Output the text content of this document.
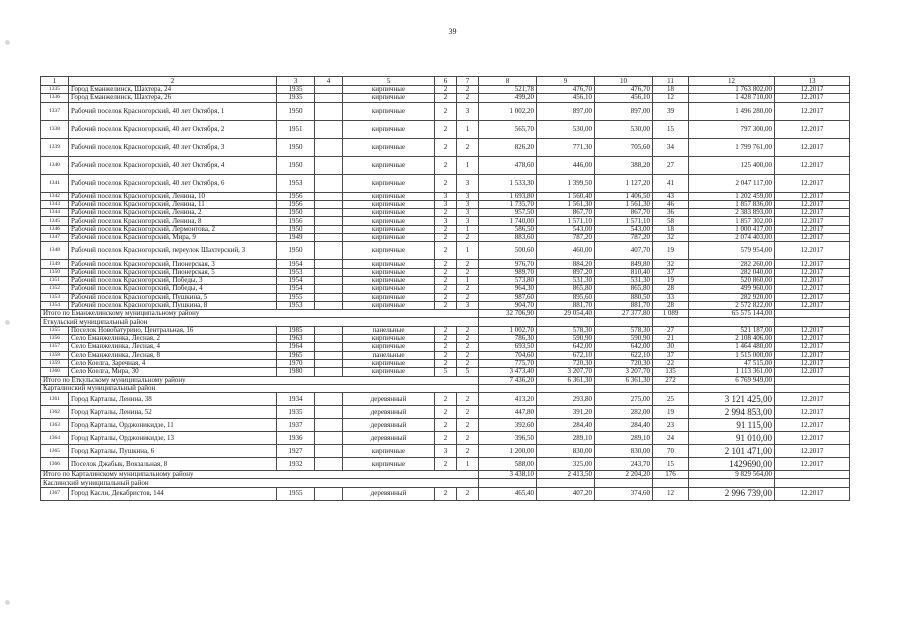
39
1	2	3	4	5	6	7	8	9	10	11	12	13
1335	Город Еманжелинск, Шахтера, 24	1935		кирпичные	2	2	521,78	476,70	476,70	18	1 763 802,00	12.2017
1336	Город Еманжелинск, Шахтера, 26	1935		кирпичные	2	2	499,20	456,10	456,10	12	1 428 710,00	12.2017
1337	Рабочий поселок Красногорский, 40 лет Октября, 1	1950		кирпичные	2	3	1 002,20	897,00	897,00	39	1 496 280,00	12.2017
1338	Рабочий поселок Красногорский, 40 лет Октября, 2	1951		кирпичные	2	1	565,70	530,00	530,00	15	797 300,00	12.2017
1339	Рабочий поселок Красногорский, 40 лет Октября, 3	1950		кирпичные	2	2	826,20	771,30	705,60	34	1 799 761,00	12.2017
1340	Рабочий поселок Красногорский, 40 лет Октября, 4	1950		кирпичные	2	1	478,60	446,00	388,20	27	125 400,00	12.2017
1341	Рабочий поселок Красногорский, 40 лет Октября, 6	1953		кирпичные	2	3	1 533,30	1 399,50	1 127,20	41	2 047 117,00	12.2017
1342	Рабочий поселок Красногорский, Ленина, 10	1956		кирпичные	3	3	1 693,80	1 560,40	1 406,50	43	1 202 459,00	12.2017
1343	Рабочий поселок Красногорский, Ленина, 11	1956		кирпичные	3	3	1 735,70	1 561,30	1 561,30	46	1 857 836,00	12.2017
1344	Рабочий поселок Красногорский, Ленина, 2	1950		кирпичные	2	3	957,50	867,70	867,70	36	2 383 893,00	12.2017
1345	Рабочий поселок Красногорский, Ленина, 8	1956		кирпичные	3	3	1 740,00	1 571,10	1 571,10	58	1 857 302,00	12.2017
1346	Рабочий поселок Красногорский, Лермонтова, 2	1950		кирпичные	2	1	586,50	543,00	543,00	18	1 000 417,00	12.2017
1347	Рабочий поселок Красногорский, Мира, 9	1949		кирпичные	2	2	883,60	787,20	787,20	32	2 074 403,00	12.2017
1348	Рабочий поселок Красногорский, переулок Шахтерский, 3	1950		кирпичные	2	1	500,60	460,00	407,70	19	579 954,00	12.2017
1349	Рабочий поселок Красногорский, Пионерская, 3	1954		кирпичные	2	2	976,70	884,20	849,80	32	282 260,00	12.2017
1350	Рабочий поселок Красногорский, Пионерская, 5	1953		кирпичные	2	2	989,70	897,20	810,40	37	282 040,00	12.2017
1351	Рабочий поселок Красногорский, Победы, 3	1954		кирпичные	2	1	573,80	531,30	531,30	19	520 860,00	12.2017
1352	Рабочий поселок Красногорский, Победы, 4	1954		кирпичные	2	2	964,30	865,80	865,80	28	499 960,00	12.2017
1353	Рабочий поселок Красногорский, Пушкина, 5	1955		кирпичные	2	2	987,60	895,60	880,50	33	282 920,00	12.2017
1354	Рабочий поселок Красногорский, Пушкина, 8	1953		кирпичные	2	3	904,70	881,70	881,70	28	2 572 822,00	12.2017
Итого по Еманжелинскому муниципальному району							32 706,90	29 054,40	27 377,80	1 089	65 575 144,00	
Еткульский муниципальный район												
1355	Поселок Новобатурино, Центральная, 16	1985		панельные	2	2	1 002,70	578,30	578,30	27	521 187,00	12.2017
1356	Село Еманжелинка, Лесная, 2	1963		кирпичные	2	2	786,30	590,90	590,90	21	2 108 406,00	12.2017
1357	Село Еманжелинка, Лесная, 4	1964		кирпичные	2	2	693,50	642,00	642,00	30	1 464 480,00	12.2017
1358	Село Еманжелинка, Лесная, 8	1965		панельные	2	2	704,60	672,10	622,10	37	1 515 000,00	12.2017
1359	Село Коелга, Заречная, 4	1970		кирпичные	2	2	775,70	720,30	720,30	22	47 515,00	12.2017
1360	Село Коелга, Мира, 30	1980		кирпичные	5	5	3 473,40	3 207,70	3 207,70	135	1 113 361,00	12.2017
Итого по Еткульскому муниципальному району							7 436,20	6 361,30	6 361,30	272	6 769 949,00	
Карталинский муниципальный район												
1361	Город Карталы, Ленина, 38	1934		деревянный	2	2	413,20	293,80	275,00	25	3 121 425,00	12.2017
1362	Город Карталы, Ленина, 52	1935		деревянный	2	2	447,80	391,20	282,00	19	2 994 853,00	12.2017
1363	Город Карталы, Орджоникидзе, 11	1937		деревянный	2	2	392,60	284,40	284,40	23	91 115,00	12.2017
1364	Город Карталы, Орджоникидзе, 13	1936		деревянный	2	2	396,50	289,10	289,10	24	91 010,00	12.2017
1365	Город Карталы, Пушкина, 6	1927		кирпичные	3	2	1 200,00	830,00	830,00	70	2 101 471,00	12.2017
1366	Поселок Джабык, Вокзальная, 8	1932		кирпичные	2	1	588,00	325,00	243,70	15	1429690,00	12.2017
Итого по Карталинскому муниципальному району							3 438,10	2 413,50	2 204,20	176	9 829 564,00	
Каслинский муниципальный район												
1367	Город Касли, Декабристов, 144	1955		деревянный	2	2	465,40	407,20	374,60	12	2 996 739,00	12.2017
